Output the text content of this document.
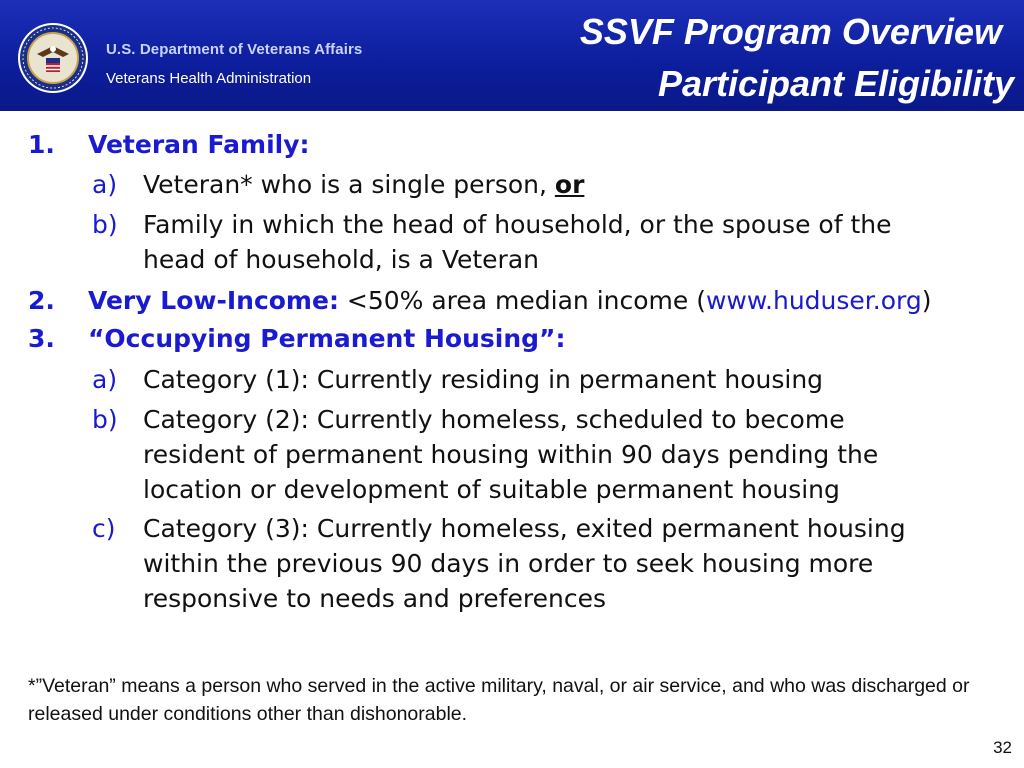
U.S. Department of Veterans Affairs
Veterans Health Administration
SSVF Program Overview
Participant Eligibility
1. Veteran Family:
a) Veteran* who is a single person, or
b) Family in which the head of household, or the spouse of the
head of household, is a Veteran
2. Very Low-Income: <50% area median income (www.huduser.org)
3. “Occupying Permanent Housing”:
a) Category (1): Currently residing in permanent housing
b) Category (2): Currently homeless, scheduled to become
resident of permanent housing within 90 days pending the
location or development of suitable permanent housing
c) Category (3): Currently homeless, exited permanent housing
within the previous 90 days in order to seek housing more
responsive to needs and preferences
*”Veteran” means a person who served in the active military, naval, or air service, and who was discharged or released under conditions other than dishonorable.
32
